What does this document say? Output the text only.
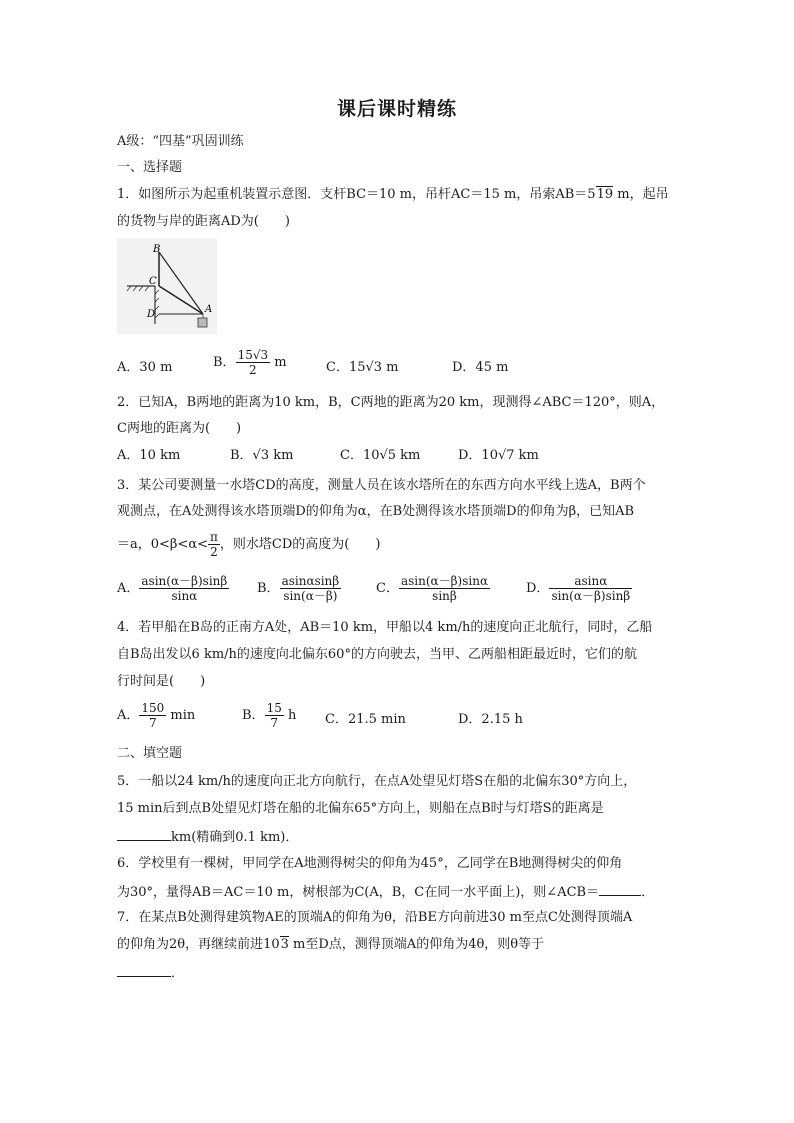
课后课时精练
A级：“四基”巩固训练
一、选择题
1．如图所示为起重机装置示意图．支杆BC＝10 m，吊杆AC＝15 m，吊索AB＝519 m，起吊
的货物与岸的距离AD为(　　)
B
C
D	A
A．30 m	B． $\frac{15√3}{2}$ m	C．15√3 m	D．45 m
2．已知A，B两地的距离为10 km，B，C两地的距离为20 km，现测得∠ABC＝120°，则A，
C两地的距离为(　　)
A．10 km	B．√3 km	C．10√5 km	D．10√7 km
3．某公司要测量一水塔CD的高度，测量人员在该水塔所在的东西方向水平线上选A，B两个
观测点，在A处测得该水塔顶端D的仰角为α，在B处测得该水塔顶端D的仰角为β，已知AB
＝a，$0<\beta<\alpha< \frac{\pi}{2}$ ，则水塔CD的高度为(　　)
A． $\frac{asin(\alpha-\beta)\sin\beta}{\sin\alpha}$ B． $\frac{asin\alpha\sin\beta}{\sin(\alpha-\beta)}$	C． $\frac{asin(\alpha-\beta)\sin\alpha}{\sin\beta}$	D． $\frac{asin\alpha}{\sin(\alpha-\beta)\sin\beta}$
4．若甲船在B岛的正南方A处，AB＝10 km，甲船以4 km/h的速度向正北航行，同时，乙船
自B岛出发以6 km/h的速度向北偏东60°的方向驶去，当甲、乙两船相距最近时，它们的航
行时间是(　　)
A． $\frac{150}{7}$ min	B． $\frac{15}{7}$ h C．21.5 min	D．2.15 h
二、填空题
5．一船以24 km/h的速度向正北方向航行，在点A处望见灯塔S在船的北偏东30°方向上，
15 min后到点B处望见灯塔在船的北偏东65°方向上，则船在点B时与灯塔S的距离是
km(精确到0.1 km)．
6．学校里有一棵树，甲同学在A地测得树尖的仰角为45°，乙同学在B地测得树尖的仰角
为30°，量得AB＝AC＝10 m，树根部为C(A，B，C在同一水平面上)，则∠ACB＝	．
7．在某点B处测得建筑物AE的顶端A的仰角为θ，沿BE方向前进30 m至点C处测得顶端A
的仰角为2θ，再继续前进103 m至D点，测得顶端A的仰角为4θ，则θ等于
．
